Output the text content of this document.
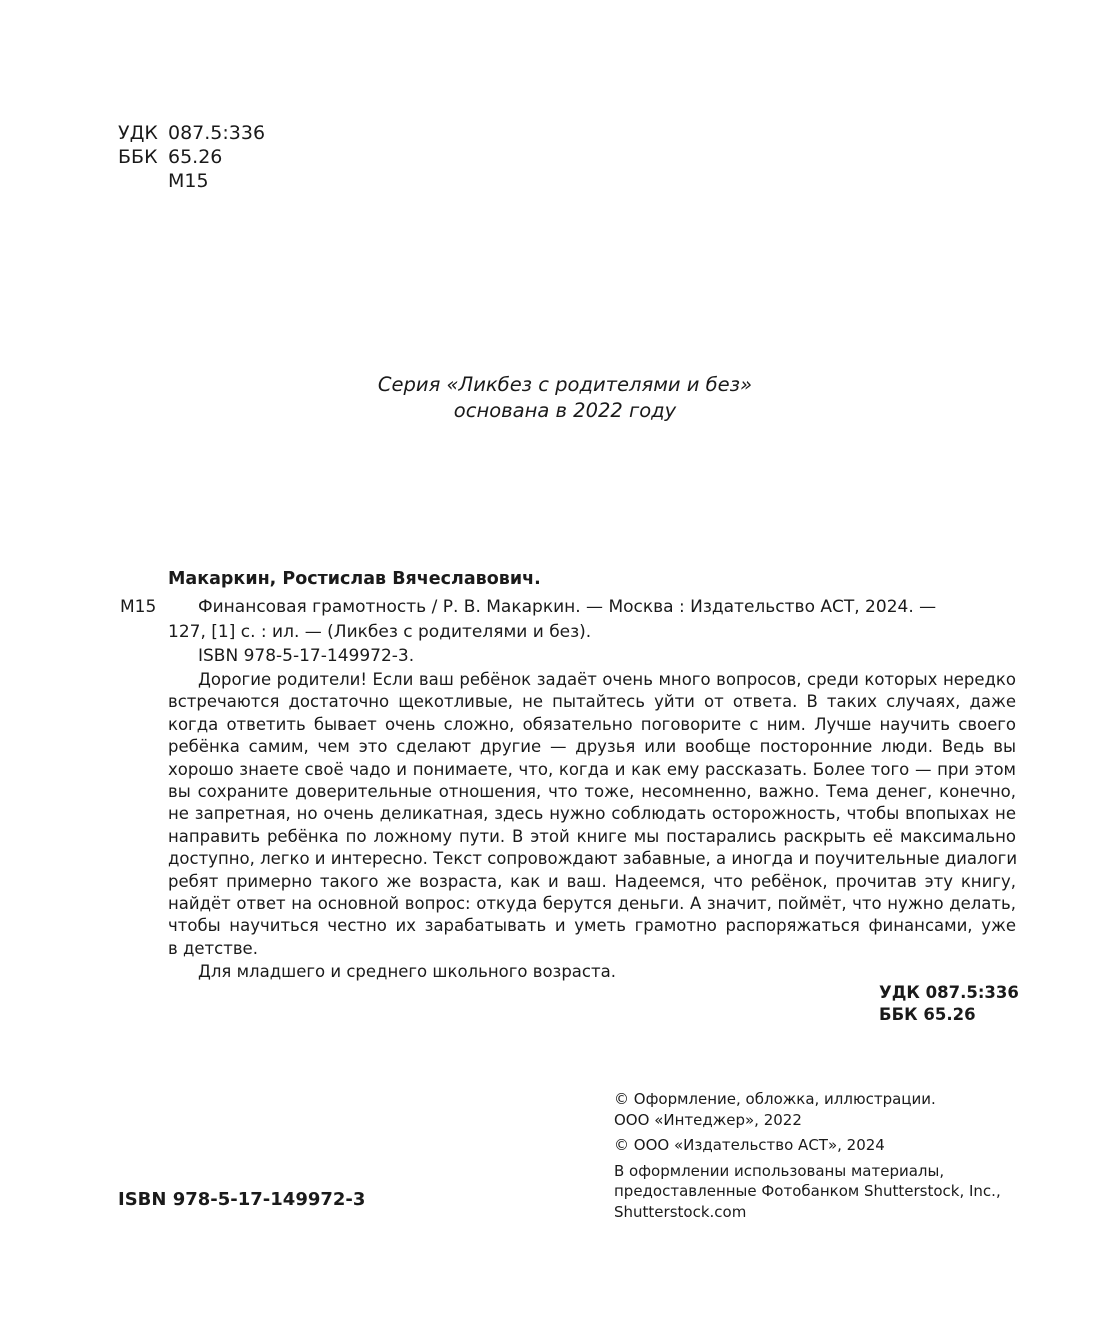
УДК 087.5:336
ББК 65.26
М15
Серия «Ликбез с родителями и без»
основана в 2022 году
Макаркин, Ростислав Вячеславович.
М15	Финансовая грамотность / Р. В. Макаркин. — Москва : Издательство АСТ, 2024. —
127, [1] с. : ил. — (Ликбез с родителями и без).
ISBN 978-5-17-149972-3.
Дорогие родители! Если ваш ребёнок задаёт очень много вопросов, среди которых нередко
встречаются достаточно щекотливые, не пытайтесь уйти от ответа. В таких случаях, даже
когда ответить бывает очень сложно, обязательно поговорите с ним. Лучше научить своего
ребёнка самим, чем это сделают другие — друзья или вообще посторонние люди. Ведь вы
хорошо знаете своё чадо и понимаете, что, когда и как ему рассказать. Более того — при этом
вы сохраните доверительные отношения, что тоже, несомненно, важно. Тема денег, конечно,
не запретная, но очень деликатная, здесь нужно соблюдать осторожность, чтобы впопыхах не
направить ребёнка по ложному пути. В этой книге мы постарались раскрыть её максимально
доступно, легко и интересно. Текст сопровождают забавные, а иногда и поучительные диалоги
ребят примерно такого же возраста, как и ваш. Надеемся, что ребёнок, прочитав эту книгу,
найдёт ответ на основной вопрос: откуда берутся деньги. А значит, поймёт, что нужно делать,
чтобы научиться честно их зарабатывать и уметь грамотно распоряжаться финансами, уже
в детстве.
Для младшего и среднего школьного возраста.
УДК 087.5:336
ББК 65.26
© Оформление, обложка, иллюстрации.
ООО «Интеджер», 2022
© ООО «Издательство АСТ», 2024
В оформлении использованы материалы,
предоставленные Фотобанком Shutterstock, Inc.,
Shutterstock.com
ISBN 978-5-17-149972-3
